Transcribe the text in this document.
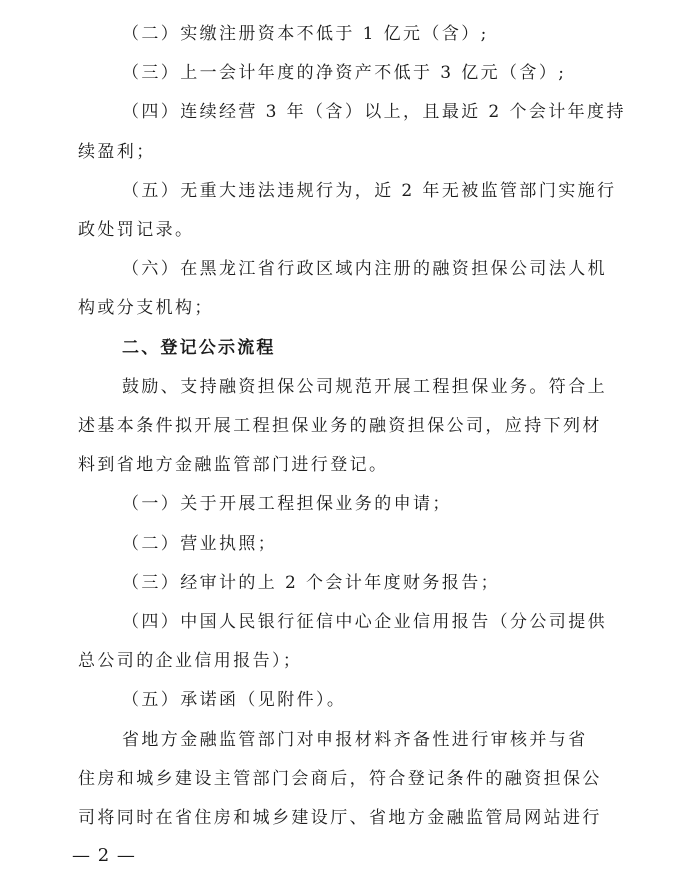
（二）实缴注册资本不低于 1 亿元（含）;
（三）上一会计年度的净资产不低于 3 亿元（含）;
（四）连续经营 3 年（含）以上，且最近 2 个会计年度持
续盈利；
（五）无重大违法违规行为，近 2 年无被监管部门实施行
政处罚记录。
（六）在黑龙江省行政区域内注册的融资担保公司法人机
构或分支机构；
二、登记公示流程
鼓励、支持融资担保公司规范开展工程担保业务。符合上
述基本条件拟开展工程担保业务的融资担保公司，应持下列材
料到省地方金融监管部门进行登记。
（一）关于开展工程担保业务的申请；
（二）营业执照；
（三）经审计的上 2 个会计年度财务报告；
（四）中国人民银行征信中心企业信用报告（分公司提供
总公司的企业信用报告）；
（五）承诺函（见附件）。
省地方金融监管部门对申报材料齐备性进行审核并与省
住房和城乡建设主管部门会商后，符合登记条件的融资担保公
司将同时在省住房和城乡建设厅、省地方金融监管局网站进行
— 2 —
